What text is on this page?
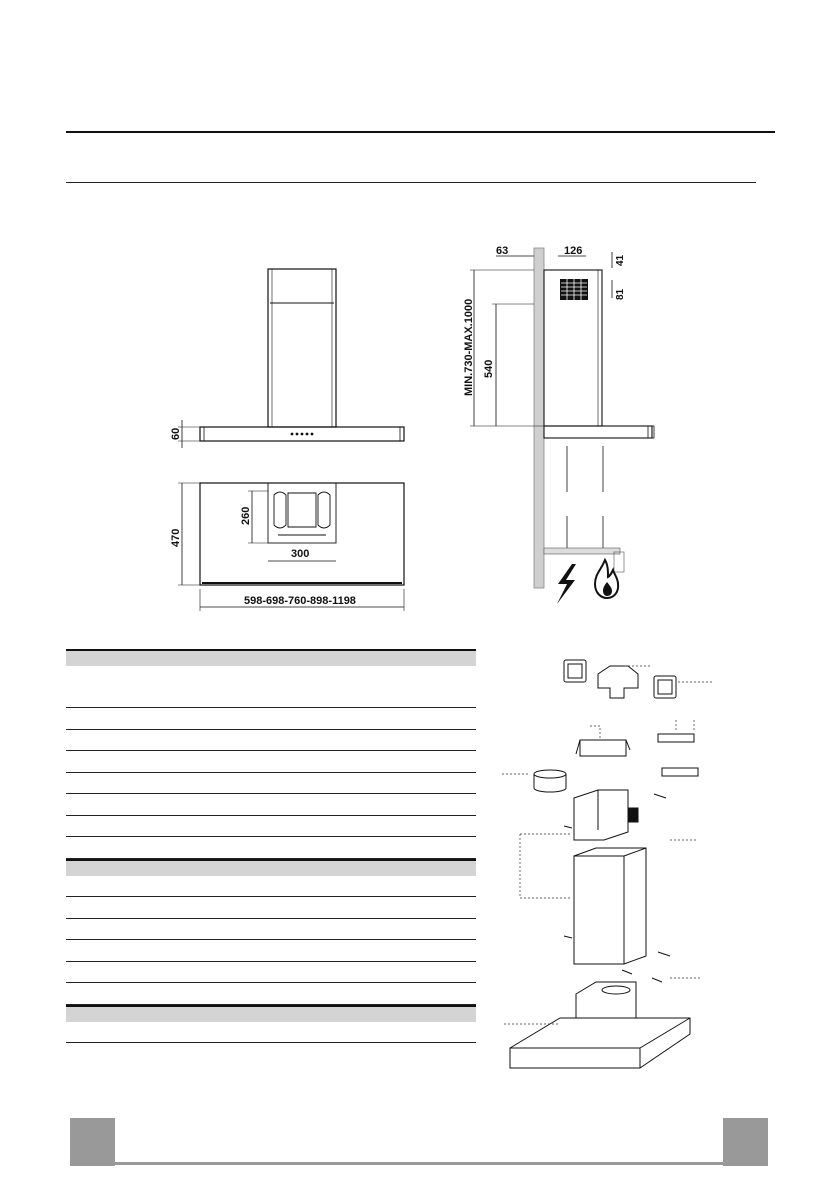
60
470
260
300
598-698-760-898-1198
63	126
41
81
MIN.730-MAX.1000 540
